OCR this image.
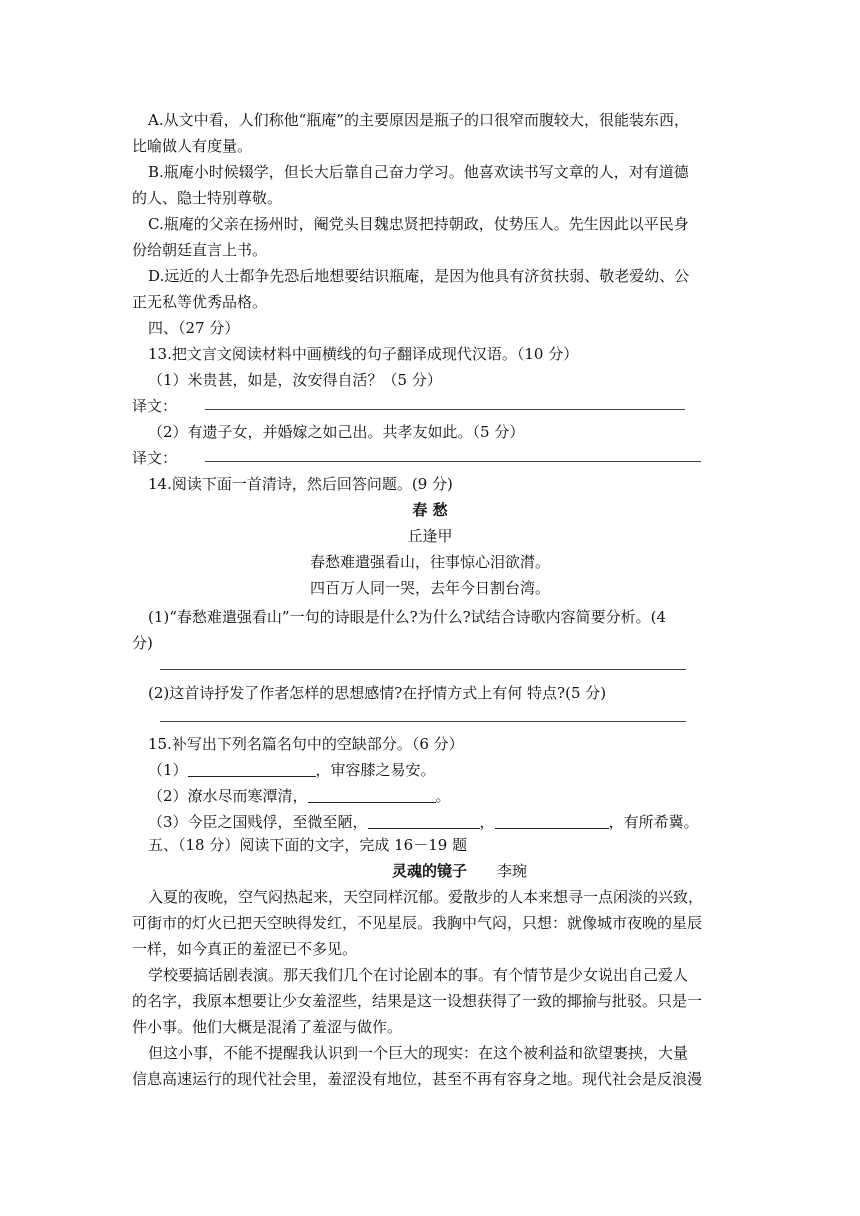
A.从文中看，人们称他“瓶庵”的主要原因是瓶子的口很窄而腹较大，很能装东西，
比喻做人有度量。
B.瓶庵小时候辍学，但长大后靠自己奋力学习。他喜欢读书写文章的人，对有道德
的人、隐士特别尊敬。
C.瓶庵的父亲在扬州时，阉党头目魏忠贤把持朝政，仗势压人。先生因此以平民身
份给朝廷直言上书。
D.远近的人士都争先恐后地想要结识瓶庵，是因为他具有济贫扶弱、敬老爱幼、公
正无私等优秀品格。
四、（27 分）
13.把文言文阅读材料中画横线的句子翻译成现代汉语。（10 分）
（1）米贵甚，如是，汝安得自活？（5 分）
译文：
（2）有遗子女，并婚嫁之如己出。共孝友如此。（5 分）
译文：
14.阅读下面一首清诗，然后回答问题。(9 分)
春 愁
丘逢甲
春愁难遣强看山，往事惊心泪欲潸。
四百万人同一哭，去年今日割台湾。
(1)“春愁难遣强看山”一句的诗眼是什么?为什么?试结合诗歌内容简要分析。(4
分)
(2)这首诗抒发了作者怎样的思想感情?在抒情方式上有何 特点?(5 分)
15.补写出下列名篇名句中的空缺部分。（6 分）
（1）	，审容膝之易安。
（2）潦水尽而寒潭清，	。
（3）今臣之国贱俘，至微至陋，	，	，有所希冀。
五、（18 分）阅读下面的文字，完成 16－19 题
灵魂的镜子 李琬
入夏的夜晚，空气闷热起来，天空同样沉郁。爱散步的人本来想寻一点闲淡的兴致，
可街市的灯火已把天空映得发红，不见星辰。我胸中气闷，只想：就像城市夜晚的星辰
一样，如今真正的羞涩已不多见。
学校要搞话剧表演。那天我们几个在讨论剧本的事。有个情节是少女说出自己爱人
的名字，我原本想要让少女羞涩些，结果是这一设想获得了一致的揶揄与批驳。只是一
件小事。他们大概是混淆了羞涩与做作。
但这小事，不能不提醒我认识到一个巨大的现实：在这个被利益和欲望裹挟，大量
信息高速运行的现代社会里，羞涩没有地位，甚至不再有容身之地。现代社会是反浪漫
